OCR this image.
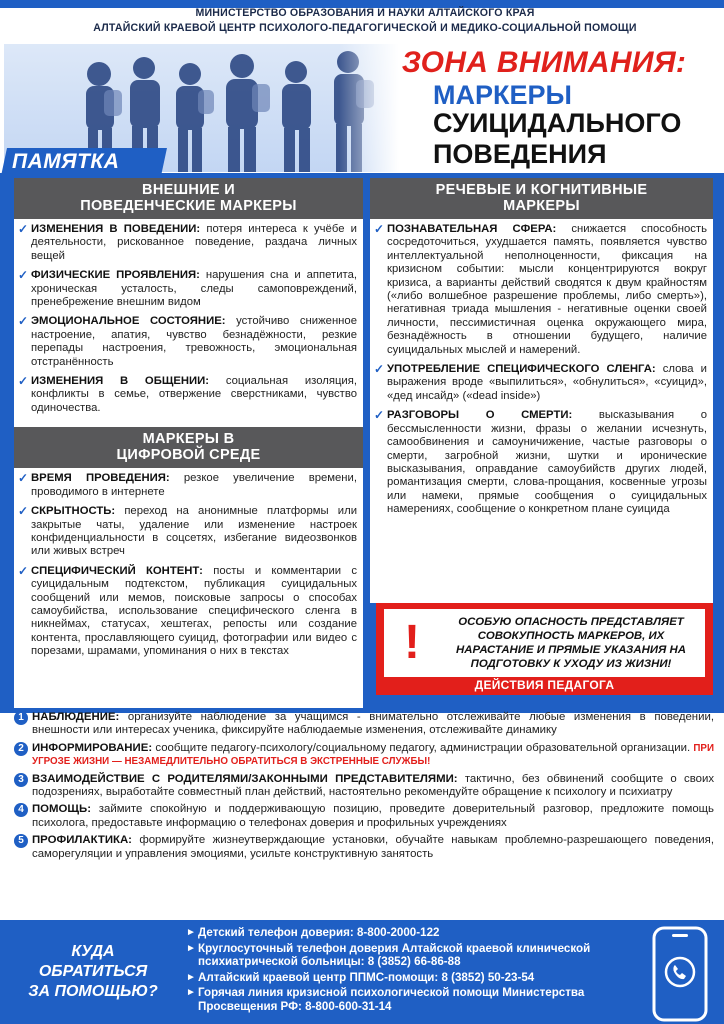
МИНИСТЕРСТВО ОБРАЗОВАНИЯ И НАУКИ АЛТАЙСКОГО КРАЯ
АЛТАЙСКИЙ КРАЕВОЙ ЦЕНТР ПСИХОЛОГО-ПЕДАГОГИЧЕСКОЙ И МЕДИКО-СОЦИАЛЬНОЙ ПОМОЩИ
ПАМЯТКА
ЗОНА ВНИМАНИЯ:
МАРКЕРЫ
СУИЦИДАЛЬНОГО
ПОВЕДЕНИЯ
ВНЕШНИЕ И
ПОВЕДЕНЧЕСКИЕ МАРКЕРЫ
✓ ИЗМЕНЕНИЯ В ПОВЕДЕНИИ: потеря интереса к учёбе и деятельности, рискованное поведение, раздача личных вещей
✓ ФИЗИЧЕСКИЕ ПРОЯВЛЕНИЯ: нарушения сна и аппетита, хроническая усталость, следы самоповреждений, пренебрежение внешним видом
✓ ЭМОЦИОНАЛЬНОЕ СОСТОЯНИЕ: устойчиво сниженное настроение, апатия, чувство безнадёжности, резкие перепады настроения, тревожность, эмоциональная отстранённость
✓ ИЗМЕНЕНИЯ В ОБЩЕНИИ: социальная изоляция, конфликты в семье, отвержение сверстниками, чувство одиночества.
МАРКЕРЫ В
ЦИФРОВОЙ СРЕДЕ
✓ ВРЕМЯ ПРОВЕДЕНИЯ: резкое увеличение времени, проводимого в интернете
✓ СКРЫТНОСТЬ: переход на анонимные платформы или закрытые чаты, удаление или изменение настроек конфиденциальности в соцсетях, избегание видеозвонков или живых встреч
✓ СПЕЦИФИЧЕСКИЙ КОНТЕНТ: посты и комментарии с суицидальным подтекстом, публикация суицидальных сообщений или мемов, поисковые запросы о способах самоубийства, использование специфического сленга в никнеймах, статусах, хештегах, репосты или создание контента, прославляющего суицид, фотографии или видео с порезами, шрамами, упоминания о них в текстах
РЕЧЕВЫЕ И КОГНИТИВНЫЕ
МАРКЕРЫ
✓ ПОЗНАВАТЕЛЬНАЯ СФЕРА: снижается способность сосредоточиться, ухудшается память, появляется чувство интеллектуальной неполноценности, фиксация на кризисном событии: мысли концентрируются вокруг кризиса, а варианты действий сводятся к двум крайностям («либо волшебное разрешение проблемы, либо смерть»), негативная триада мышления - негативные оценки своей личности, пессимистичная оценка окружающего мира, безнадёжность в отношении будущего, наличие суицидальных мыслей и намерений.
✓ УПОТРЕБЛЕНИЕ СПЕЦИФИЧЕСКОГО СЛЕНГА: слова и выражения вроде «выпилиться», «обнулиться», «суицид», «дед инсайд» («dead inside»)
✓ РАЗГОВОРЫ О СМЕРТИ: высказывания о бессмысленности жизни, фразы о желании исчезнуть, самообвинения и самоуничижение, частые разговоры о смерти, загробной жизни, шутки и иронические высказывания, оправдание самоубийств других людей, романтизация смерти, слова-прощания, косвенные угрозы или намеки, прямые сообщения о суицидальных намерениях, сообщение о конкретном плане суицида
!	ОСОБУЮ ОПАСНОСТЬ ПРЕДСТАВЛЯЕТ СОВОКУПНОСТЬ МАРКЕРОВ, ИХ НАРАСТАНИЕ И ПРЯМЫЕ УКАЗАНИЯ НА ПОДГОТОВКУ К УХОДУ ИЗ ЖИЗНИ!
ДЕЙСТВИЯ ПЕДАГОГА
1 НАБЛЮДЕНИЕ: организуйте наблюдение за учащимся - внимательно отслеживайте любые изменения в поведении, внешности или интересах ученика, фиксируйте наблюдаемые изменения, отслеживайте динамику
2 ИНФОРМИРОВАНИЕ: сообщите педагогу-психологу/социальному педагогу, администрации образовательной организации. ПРИ УГРОЗЕ ЖИЗНИ — НЕЗАМЕДЛИТЕЛЬНО ОБРАТИТЬСЯ В ЭКСТРЕННЫЕ СЛУЖБЫ!
3 ВЗАИМОДЕЙСТВИЕ С РОДИТЕЛЯМИ/ЗАКОННЫМИ ПРЕДСТАВИТЕЛЯМИ: тактично, без обвинений сообщите о своих подозрениях, выработайте совместный план действий, настоятельно рекомендуйте обращение к психологу и психиатру
4 ПОМОЩЬ: займите спокойную и поддерживающую позицию, проведите доверительный разговор, предложите помощь психолога, предоставьте информацию о телефонах доверия и профильных учреждениях
5 ПРОФИЛАКТИКА: формируйте жизнеутверждающие установки, обучайте навыкам проблемно-разрешающего поведения, саморегуляции и управления эмоциями, усильте конструктивную занятость
КУДА
ОБРАТИТЬСЯ
ЗА ПОМОЩЬЮ?
► Детский телефон доверия: 8-800-2000-122
► Круглосуточный телефон доверия Алтайской краевой клинической психиатрической больницы: 8 (3852) 66-86-88
► Алтайский краевой центр ППМС-помощи: 8 (3852) 50-23-54
► Горячая линия кризисной психологической помощи Министерства Просвещения РФ: 8-800-600-31-14
